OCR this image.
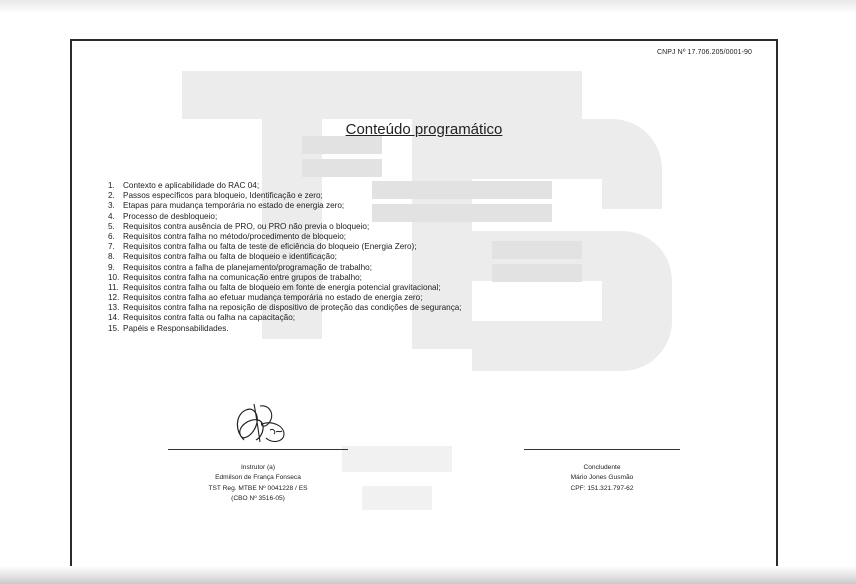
CNPJ Nº 17.706.205/0001-90
Conteúdo programático
1. Contexto e aplicabilidade do RAC 04;
2. Passos específicos para bloqueio, Identificação e zero;
3. Etapas para mudança temporária no estado de energia zero;
4. Processo de desbloqueio;
5. Requisitos contra ausência de PRO, ou PRO não previa o bloqueio;
6. Requisitos contra falha no método/procedimento de bloqueio;
7. Requisitos contra falha ou falta de teste de eficiência do bloqueio (Energia Zero);
8. Requisitos contra falha ou falta de bloqueio e identificação;
9. Requisitos contra a falha de planejamento/programação de trabalho;
10. Requisitos contra falha na comunicação entre grupos de trabalho;
11. Requisitos contra falha ou falta de bloqueio em fonte de energia potencial gravitacional;
12. Requisitos contra falha ao efetuar mudança temporária no estado de energia zero;
13. Requisitos contra falha na reposição de dispositivo de proteção das condições de segurança;
14. Requisitos contra falta ou falha na capacitação;
15. Papéis e Responsabilidades.
Instrutor (a)
Edmilson de França Fonseca
TST Reg. MTBE Nº 0041228 / ES
(CBO Nº 3516-05)
Concludente
Mário Jones Gusmão
CPF: 151.321.797-62
